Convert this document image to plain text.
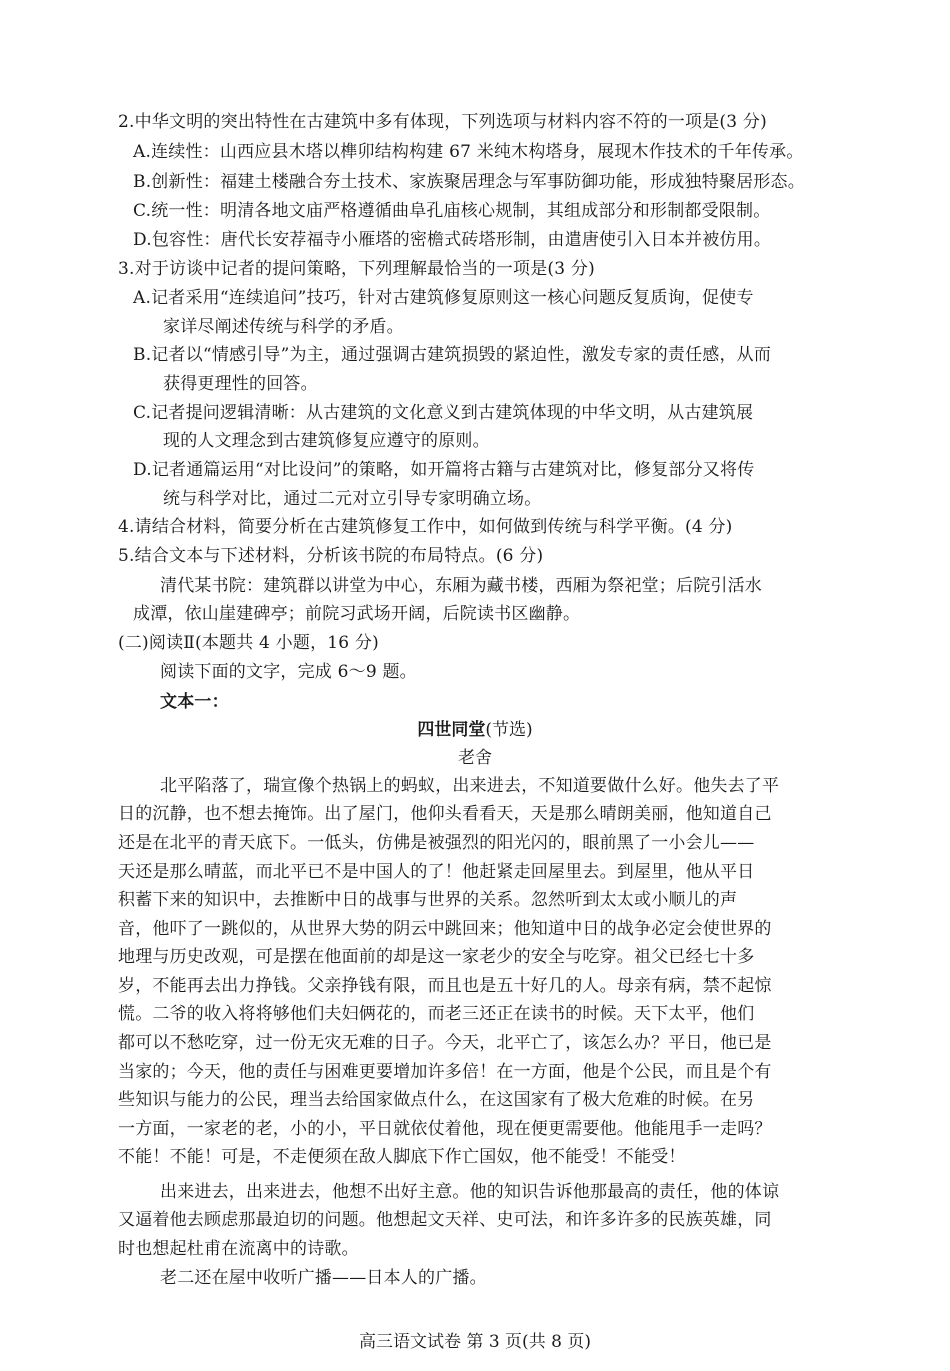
2.中华文明的突出特性在古建筑中多有体现，下列选项与材料内容不符的一项是(3 分)
A.连续性：山西应县木塔以榫卯结构构建 67 米纯木构塔身，展现木作技术的千年传承。
B.创新性：福建土楼融合夯土技术、家族聚居理念与军事防御功能，形成独特聚居形态。
C.统一性：明清各地文庙严格遵循曲阜孔庙核心规制，其组成部分和形制都受限制。
D.包容性：唐代长安荐福寺小雁塔的密檐式砖塔形制，由遣唐使引入日本并被仿用。
3.对于访谈中记者的提问策略，下列理解最恰当的一项是(3 分)
A.记者采用“连续追问”技巧，针对古建筑修复原则这一核心问题反复质询，促使专
家详尽阐述传统与科学的矛盾。
B.记者以“情感引导”为主，通过强调古建筑损毁的紧迫性，激发专家的责任感，从而
获得更理性的回答。
C.记者提问逻辑清晰：从古建筑的文化意义到古建筑体现的中华文明，从古建筑展
现的人文理念到古建筑修复应遵守的原则。
D.记者通篇运用“对比设问”的策略，如开篇将古籍与古建筑对比，修复部分又将传
统与科学对比，通过二元对立引导专家明确立场。
4.请结合材料，简要分析在古建筑修复工作中，如何做到传统与科学平衡。(4 分)
5.结合文本与下述材料，分析该书院的布局特点。(6 分)
清代某书院：建筑群以讲堂为中心，东厢为藏书楼，西厢为祭祀堂；后院引活水
成潭，依山崖建碑亭；前院习武场开阔，后院读书区幽静。
(二)阅读Ⅱ(本题共 4 小题，16 分)
阅读下面的文字，完成 6～9 题。
文本一：
四世同堂(节选)
老舍
北平陷落了，瑞宣像个热锅上的蚂蚁，出来进去，不知道要做什么好。他失去了平
日的沉静，也不想去掩饰。出了屋门，他仰头看看天，天是那么晴朗美丽，他知道自己
还是在北平的青天底下。一低头，仿佛是被强烈的阳光闪的，眼前黑了一小会儿——
天还是那么晴蓝，而北平已不是中国人的了！他赶紧走回屋里去。到屋里，他从平日
积蓄下来的知识中，去推断中日的战事与世界的关系。忽然听到太太或小顺儿的声
音，他吓了一跳似的，从世界大势的阴云中跳回来；他知道中日的战争必定会使世界的
地理与历史改观，可是摆在他面前的却是这一家老少的安全与吃穿。祖父已经七十多
岁，不能再去出力挣钱。父亲挣钱有限，而且也是五十好几的人。母亲有病，禁不起惊
慌。二爷的收入将将够他们夫妇俩花的，而老三还正在读书的时候。天下太平，他们
都可以不愁吃穿，过一份无灾无难的日子。今天，北平亡了，该怎么办？平日，他已是
当家的；今天，他的责任与困难更要增加许多倍！在一方面，他是个公民，而且是个有
些知识与能力的公民，理当去给国家做点什么，在这国家有了极大危难的时候。在另
一方面，一家老的老，小的小，平日就依仗着他，现在便更需要他。他能甩手一走吗？
不能！不能！可是，不走便须在敌人脚底下作亡国奴，他不能受！不能受！
出来进去，出来进去，他想不出好主意。他的知识告诉他那最高的责任，他的体谅
又逼着他去顾虑那最迫切的问题。他想起文天祥、史可法，和许多许多的民族英雄，同
时也想起杜甫在流离中的诗歌。
老二还在屋中收听广播——日本人的广播。
高三语文试卷 第 3 页(共 8 页)
